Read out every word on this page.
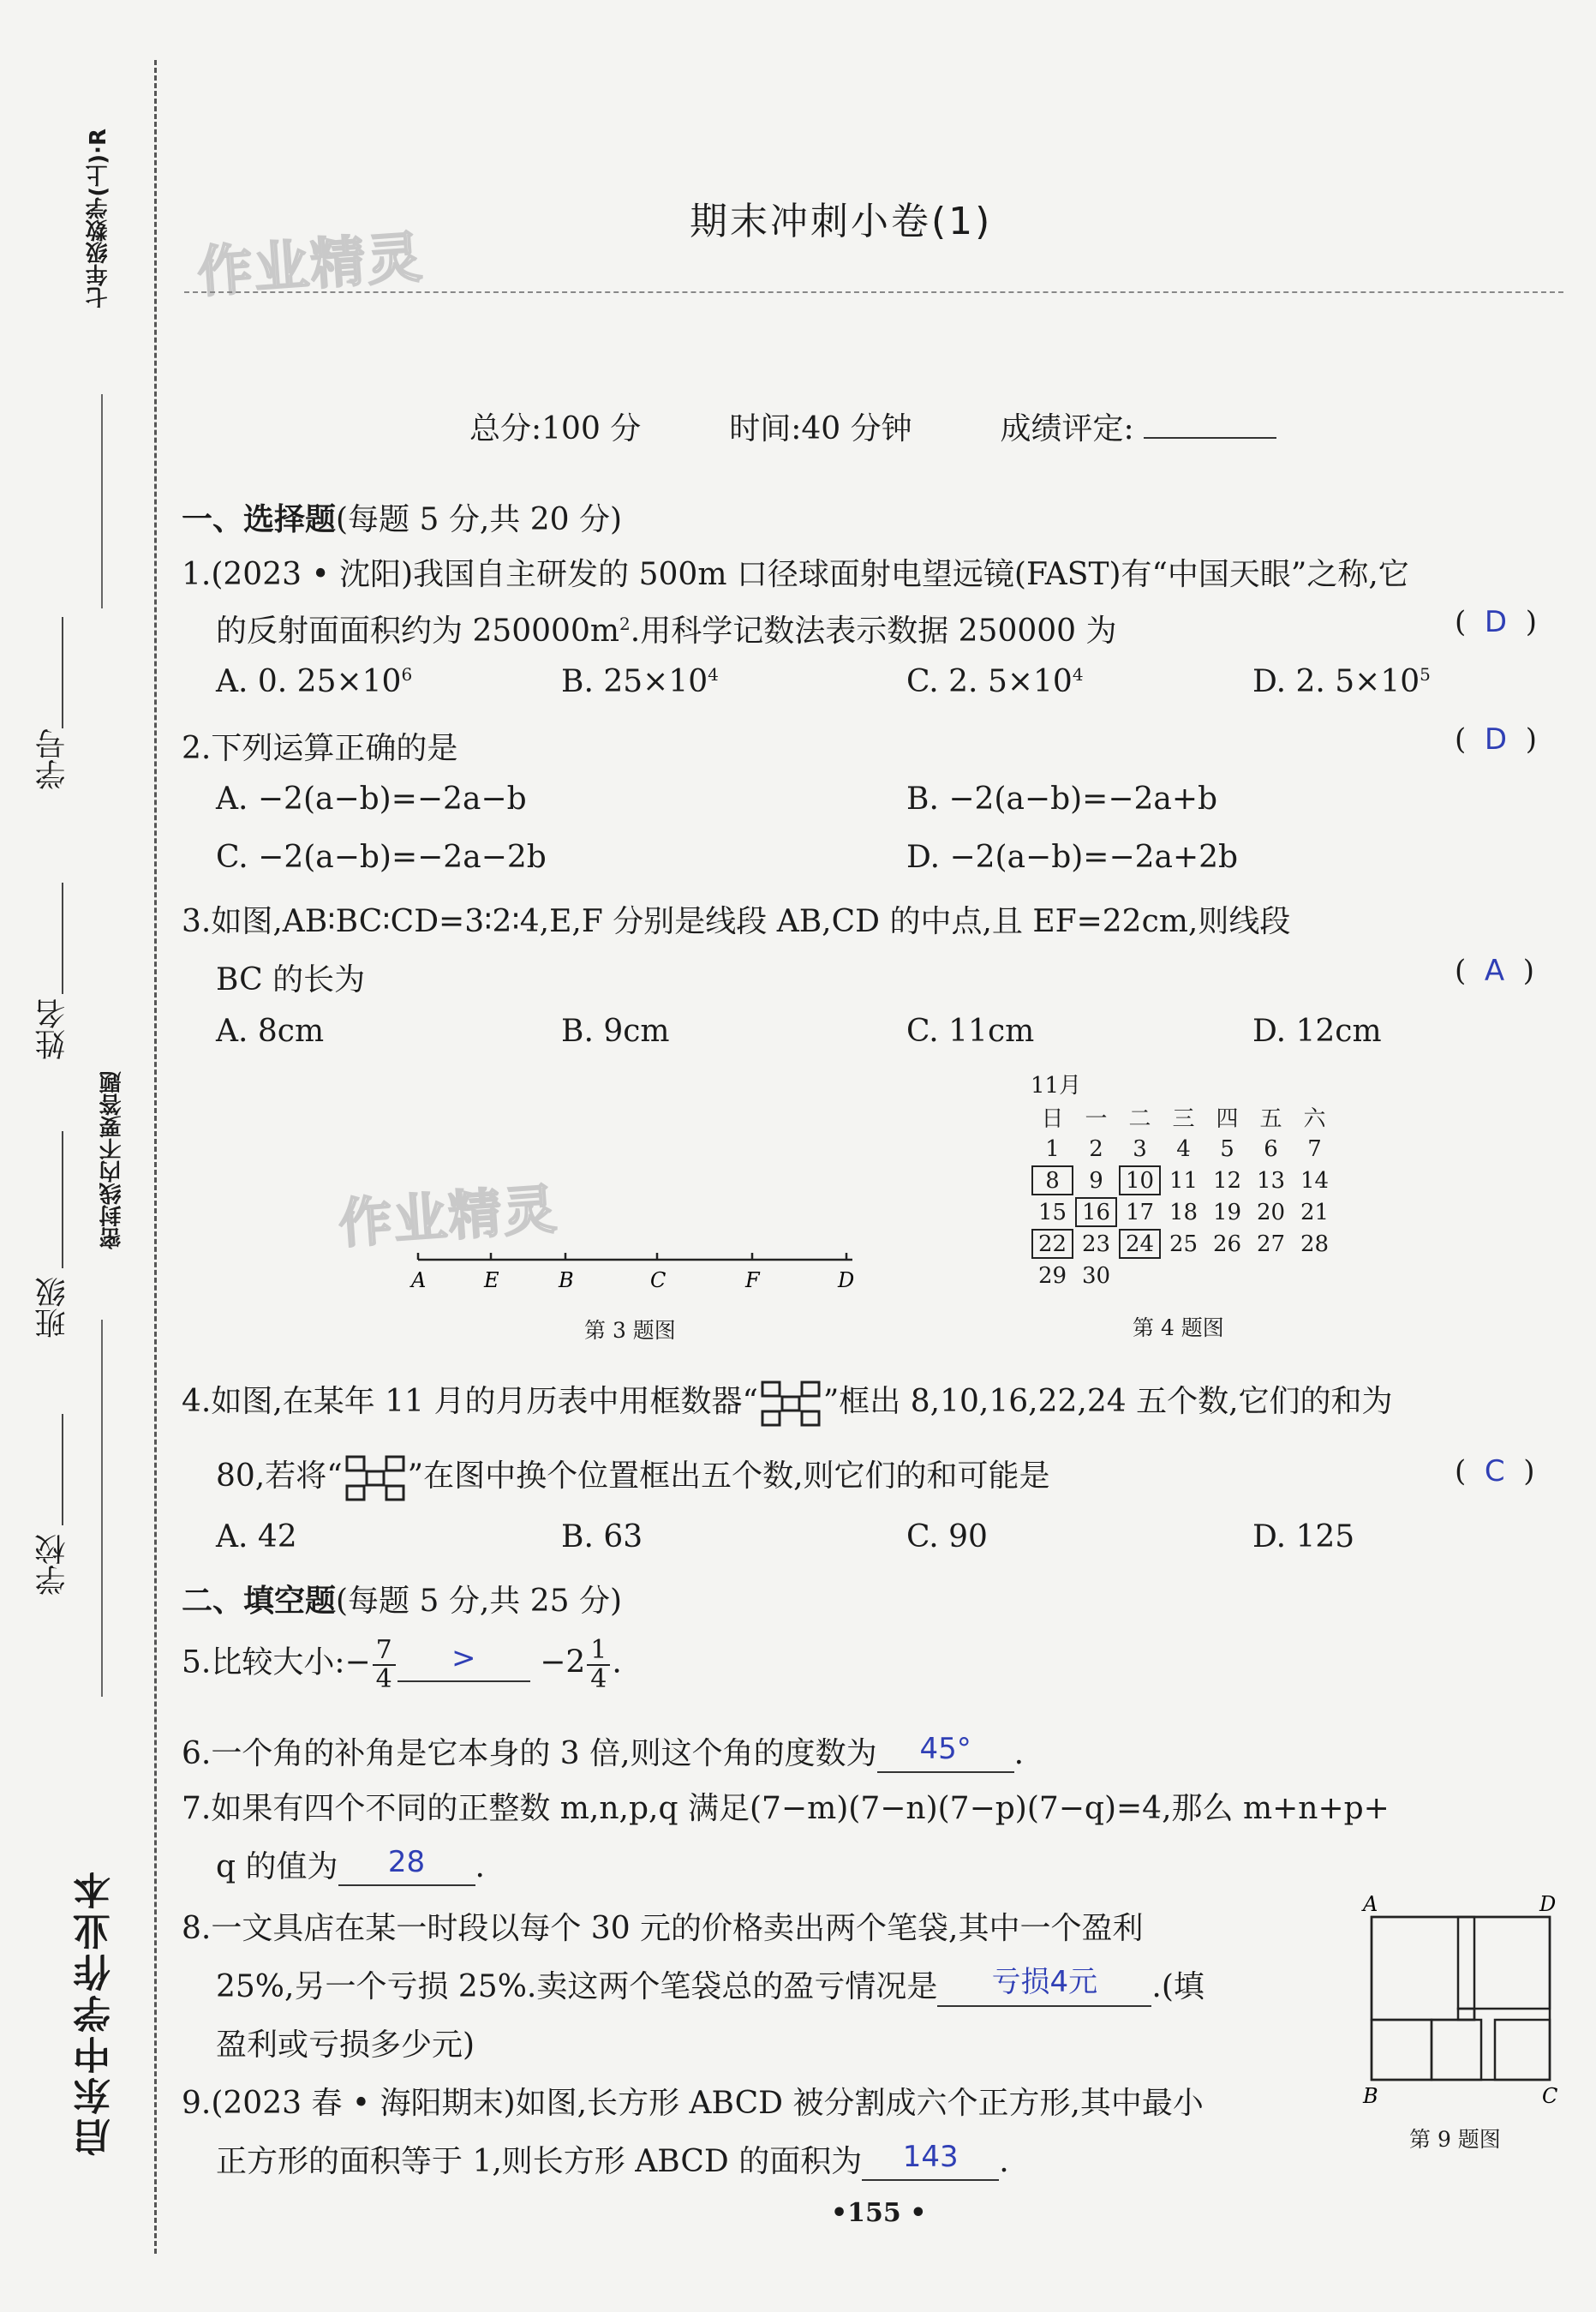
七年级数学(上)·R
学号
姓名
密封线内不要答题
班级
学校
启东中学作业本
作业精灵
作业精灵
期末冲刺小卷(1)
总分:100 分	时间:40 分钟	成绩评定:
一、选择题(每题 5 分,共 20 分)
1.(2023 • 沈阳)我国自主研发的 500m 口径球面射电望远镜(FAST)有“中国天眼”之称,它
的反射面面积约为 $250000m^2$.用科学记数法表示数据 250000 为	(  D  )
A. 0. $25\times 10^6$	B. $25\times 10^4$	C. 2. $5\times 10^4$	D. 2. $5\times 10^5$
2.下列运算正确的是	(  D  )
A. −2(a−b)=−2a−b	B. −2(a−b)=−2a+b
C. −2(a−b)=−2a−2b	D. −2(a−b)=−2a+2b
3.如图,AB∶BC∶CD=3∶2∶4,E,F 分别是线段 AB,CD 的中点,且 EF=22cm,则线段
BC 的长为	(  A  )
A. 8cm	B. 9cm	C. 11cm	D. 12cm
A	E	B	C	F	D
第 3 题图
11月
日	一	二	三	四	五	六
1	2	3	4	5	6	7
8	9	10	11	12	13	14
15	16	17	18	19	20	21
22	23	24	25	26	27	28
29	30					
第 4 题图
4.如图,在某年 11 月的月历表中用框数器“ ”框出 8,10,16,22,24 五个数,它们的和为
80,若将“ ”在图中换个位置框出五个数,则它们的和可能是	(  C  )
A. 42	B. 63	C. 90	D. 125
二、填空题(每题 5 分,共 25 分)
5.比较大小:− $\frac{7}{4} > -2 \frac{1}{4}$ .
6.一个角的补角是它本身的 3 倍,则这个角的度数为 45° .
7.如果有四个不同的正整数 m,n,p,q 满足(7−m)(7−n)(7−p)(7−q)=4,那么 m+n+p+
q 的值为 28 .
8.一文具店在某一时段以每个 30 元的价格卖出两个笔袋,其中一个盈利
25%,另一个亏损 25%.卖这两个笔袋总的盈亏情况是 亏损4元 .(填
盈利或亏损多少元)
9.(2023 春 • 海阳期末)如图,长方形 ABCD 被分割成六个正方形,其中最小
正方形的面积等于 1,则长方形 ABCD 的面积为 143 .
A	D
B	C
第 9 题图
•155 •
